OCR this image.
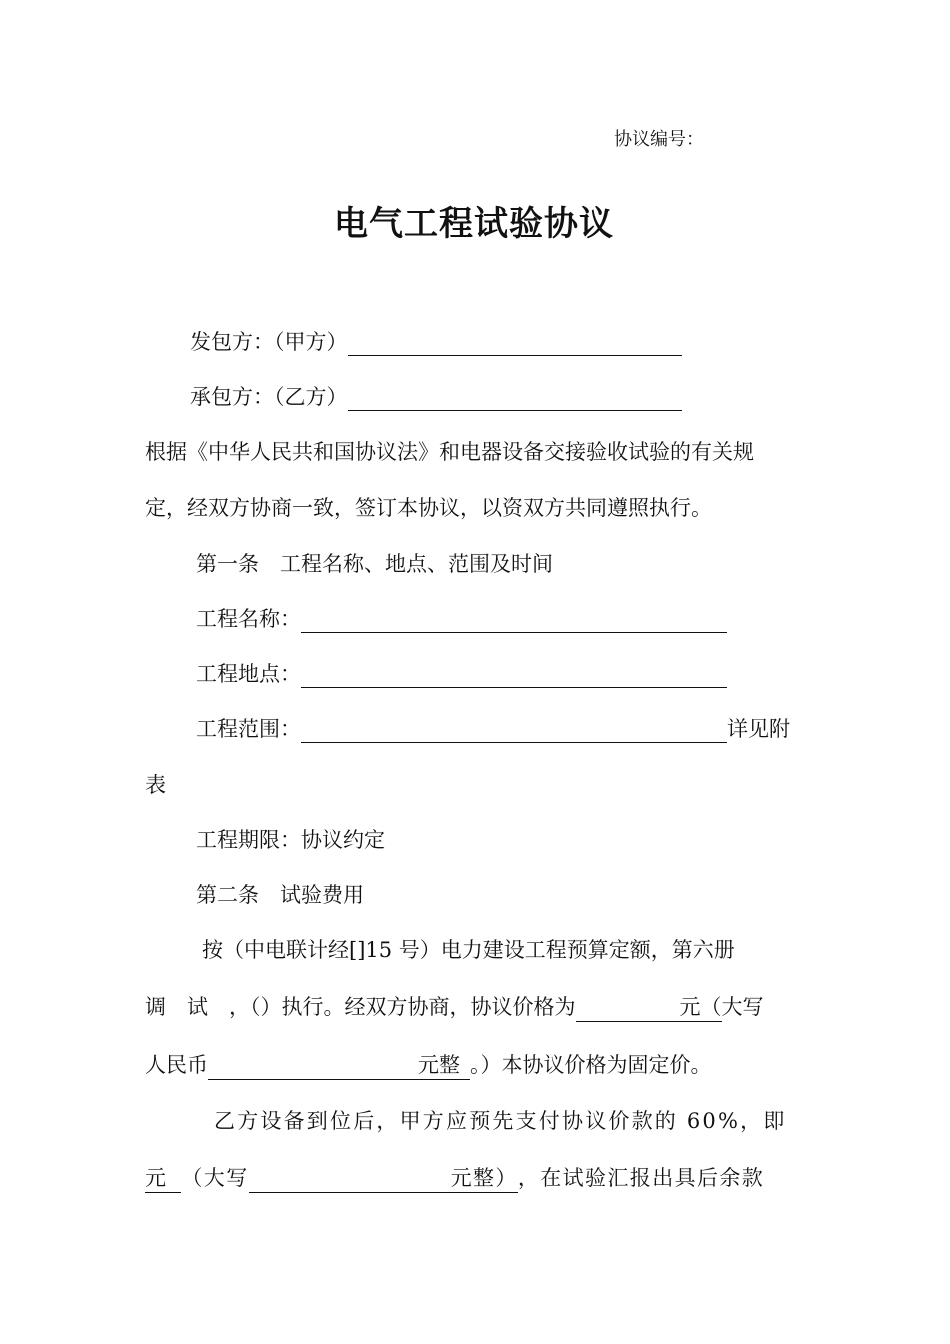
协议编号：
电气工程试验协议
发包方：（甲方）
承包方：（乙方）
根据《中华人民共和国协议法》和电器设备交接验收试验的有关规
定，经双方协商一致，签订本协议，以资双方共同遵照执行。
第一条　工程名称、地点、范围及时间
工程名称：
工程地点：
工程范围：	详见附
表
工程期限：协议约定
第二条　试验费用
按（中电联计经[]15 号）电力建设工程预算定额，第六册
调　试　，（）执行。经双方协商，协议价格为	元（大写
人民币	元整 。）本协议价格为固定价。
乙方设备到位后，甲方应预先支付协议价款的 60%，即
元 （大写	元整），在试验汇报出具后余款
